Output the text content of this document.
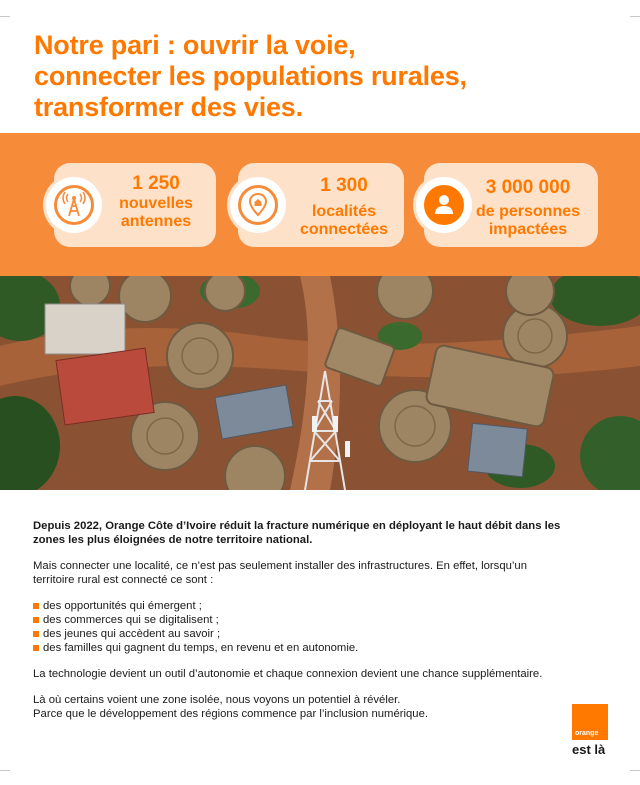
Notre pari : ouvrir la voie,
connecter les populations rurales,
transformer des vies.
1 250
nouvelles
antennes
1 300
localités
connectées
3 000 000
de personnes
impactées

Depuis 2022, Orange Côte d’Ivoire réduit la fracture numérique en déployant le haut débit dans les zones les plus éloignées de notre territoire national.

Mais connecter une localité, ce n’est pas seulement installer des infrastructures. En effet, lorsqu’un territoire rural est connecté ce sont :

des opportunités qui émergent ;
des commerces qui se digitalisent ;
des jeunes qui accèdent au savoir ;
des familles qui gagnent du temps, en revenu et en autonomie.

La technologie devient un outil d’autonomie et chaque connexion devient une chance supplémentaire.

Là où certains voient une zone isolée, nous voyons un potentiel à révéler.
Parce que le développement des régions commence par l’inclusion numérique.

orange
est là
